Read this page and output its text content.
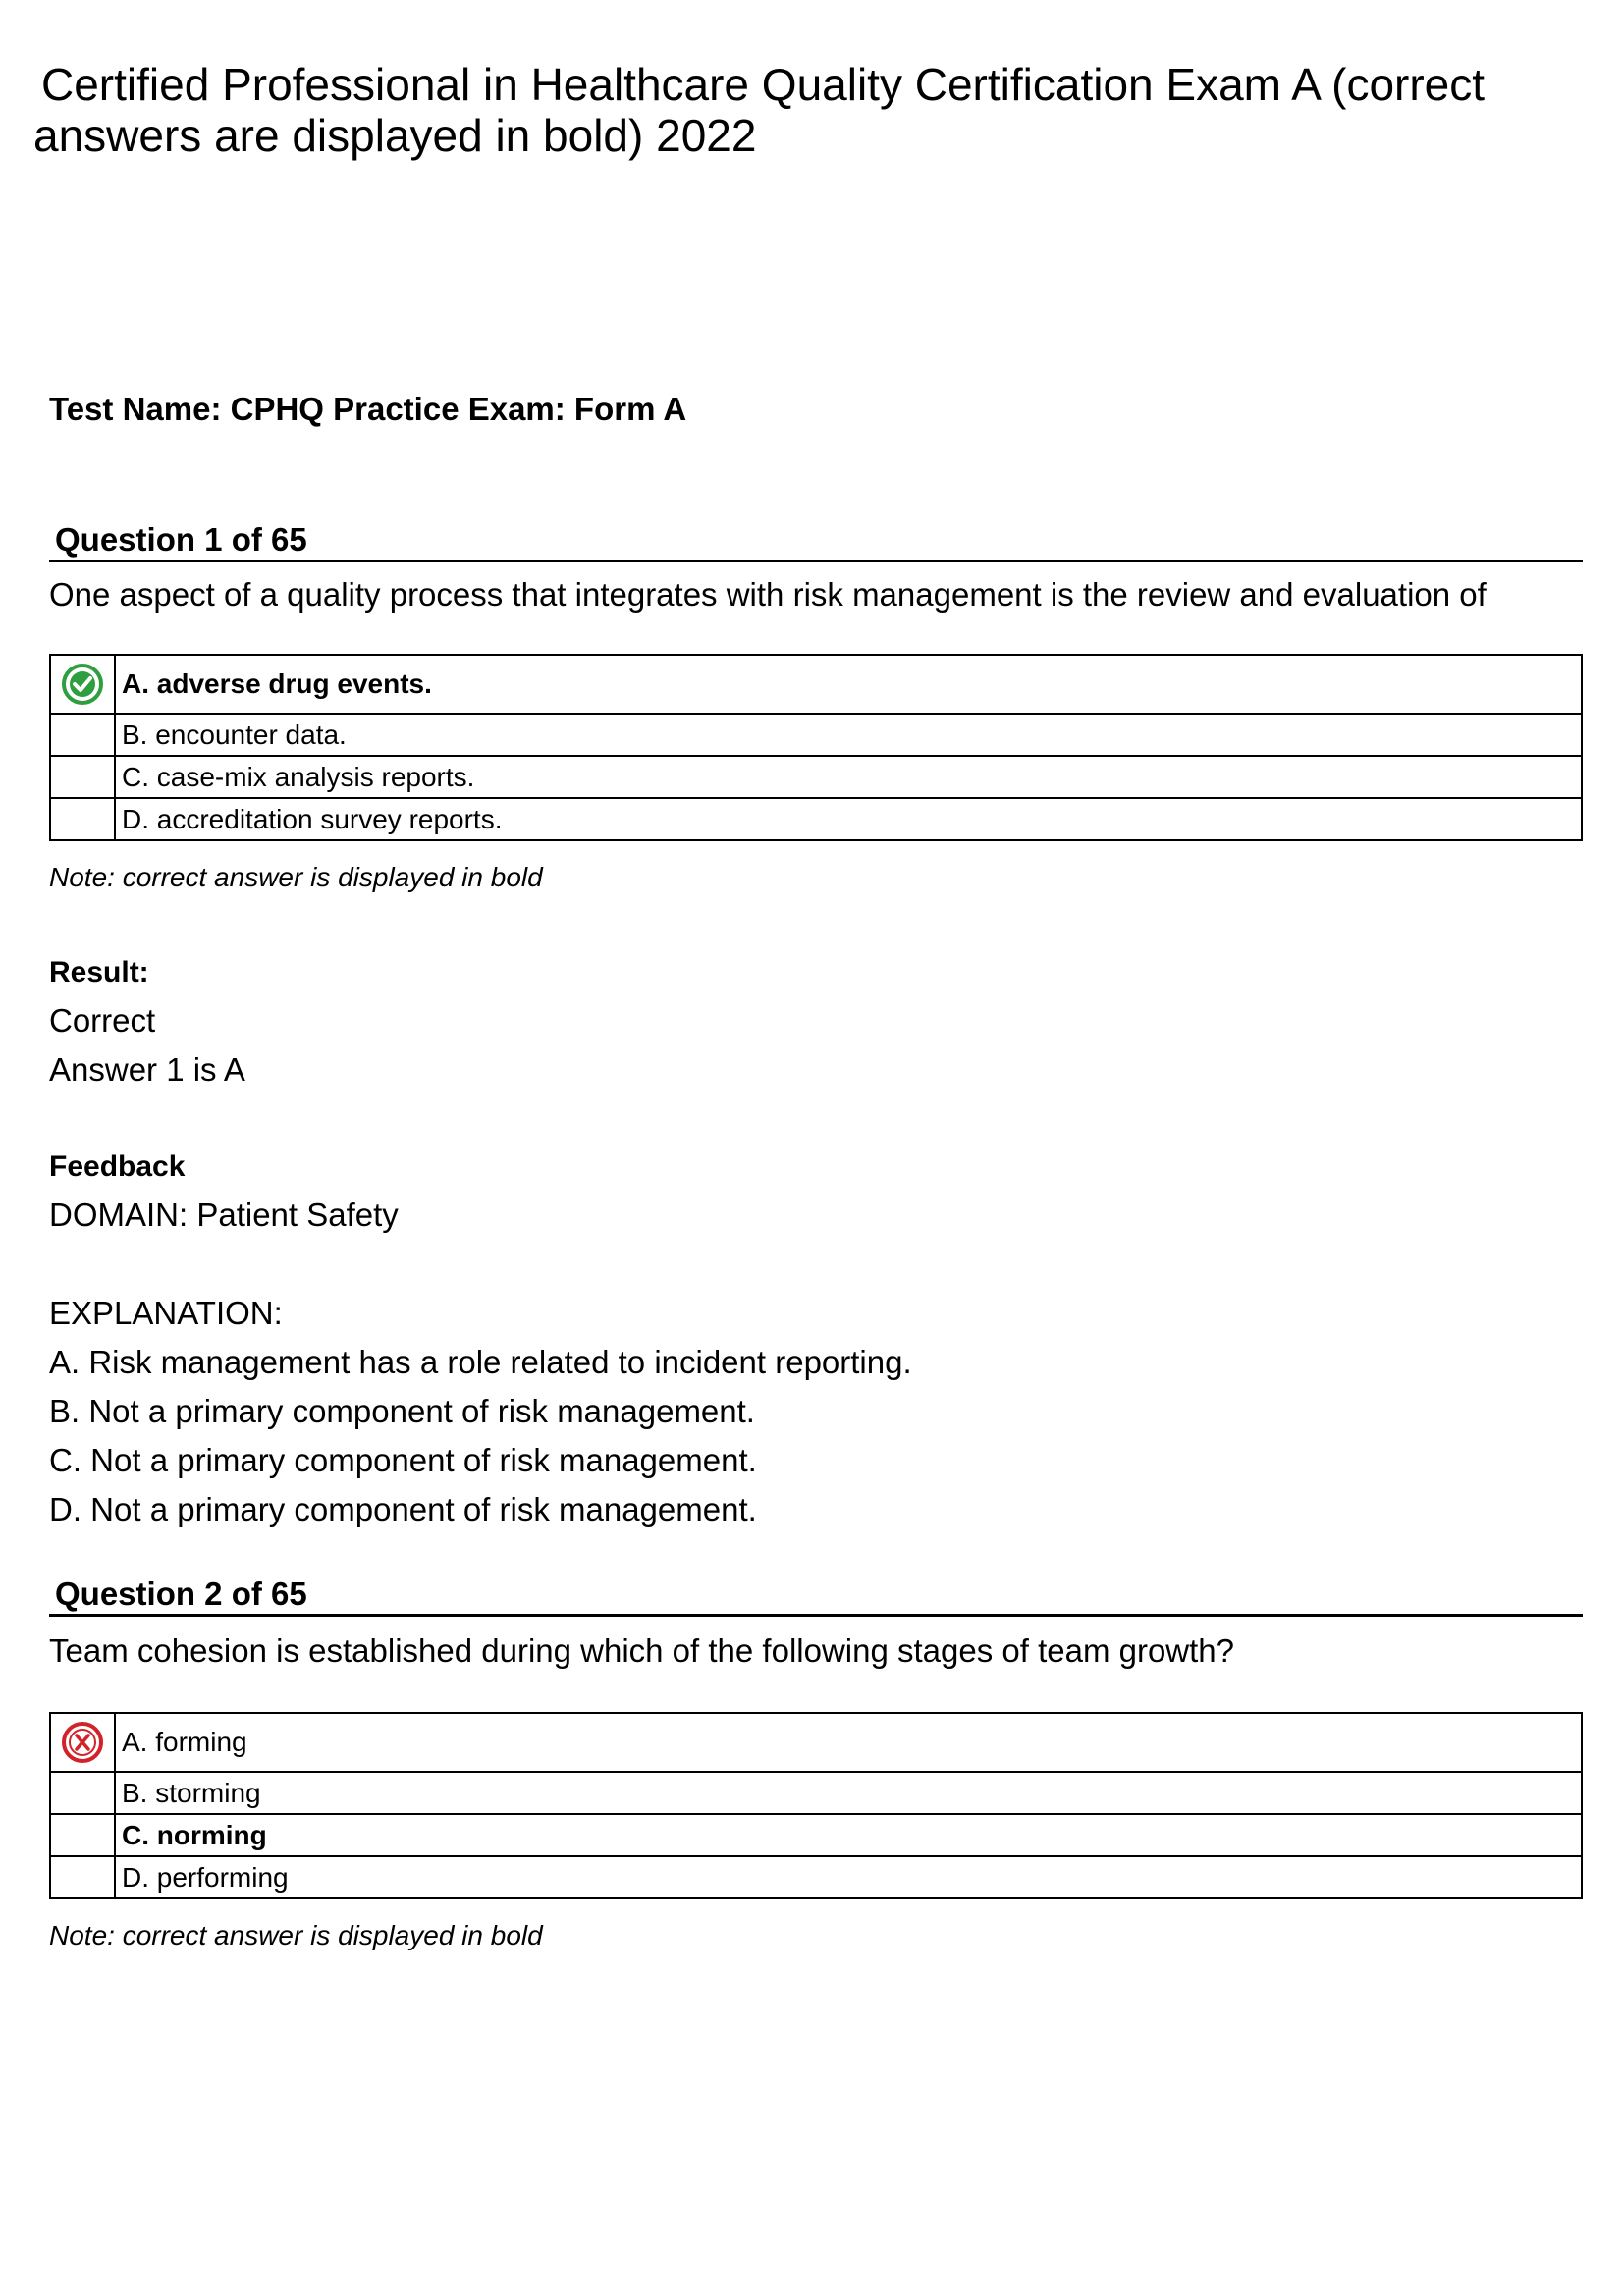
Certified Professional in Healthcare Quality Certification Exam A (correct
answers are displayed in bold) 2022
Test Name: CPHQ Practice Exam: Form A
Question 1 of 65
One aspect of a quality process that integrates with risk management is the review and evaluation of
	A. adverse drug events.
	B. encounter data.
	C. case-mix analysis reports.
	D. accreditation survey reports.
Note: correct answer is displayed in bold
Result:
Correct
Answer 1 is A
Feedback
DOMAIN: Patient Safety
EXPLANATION:
A. Risk management has a role related to incident reporting.
B. Not a primary component of risk management.
C. Not a primary component of risk management.
D. Not a primary component of risk management.
Question 2 of 65
Team cohesion is established during which of the following stages of team growth?
	A. forming
	B. storming
	C. norming
	D. performing
Note: correct answer is displayed in bold
